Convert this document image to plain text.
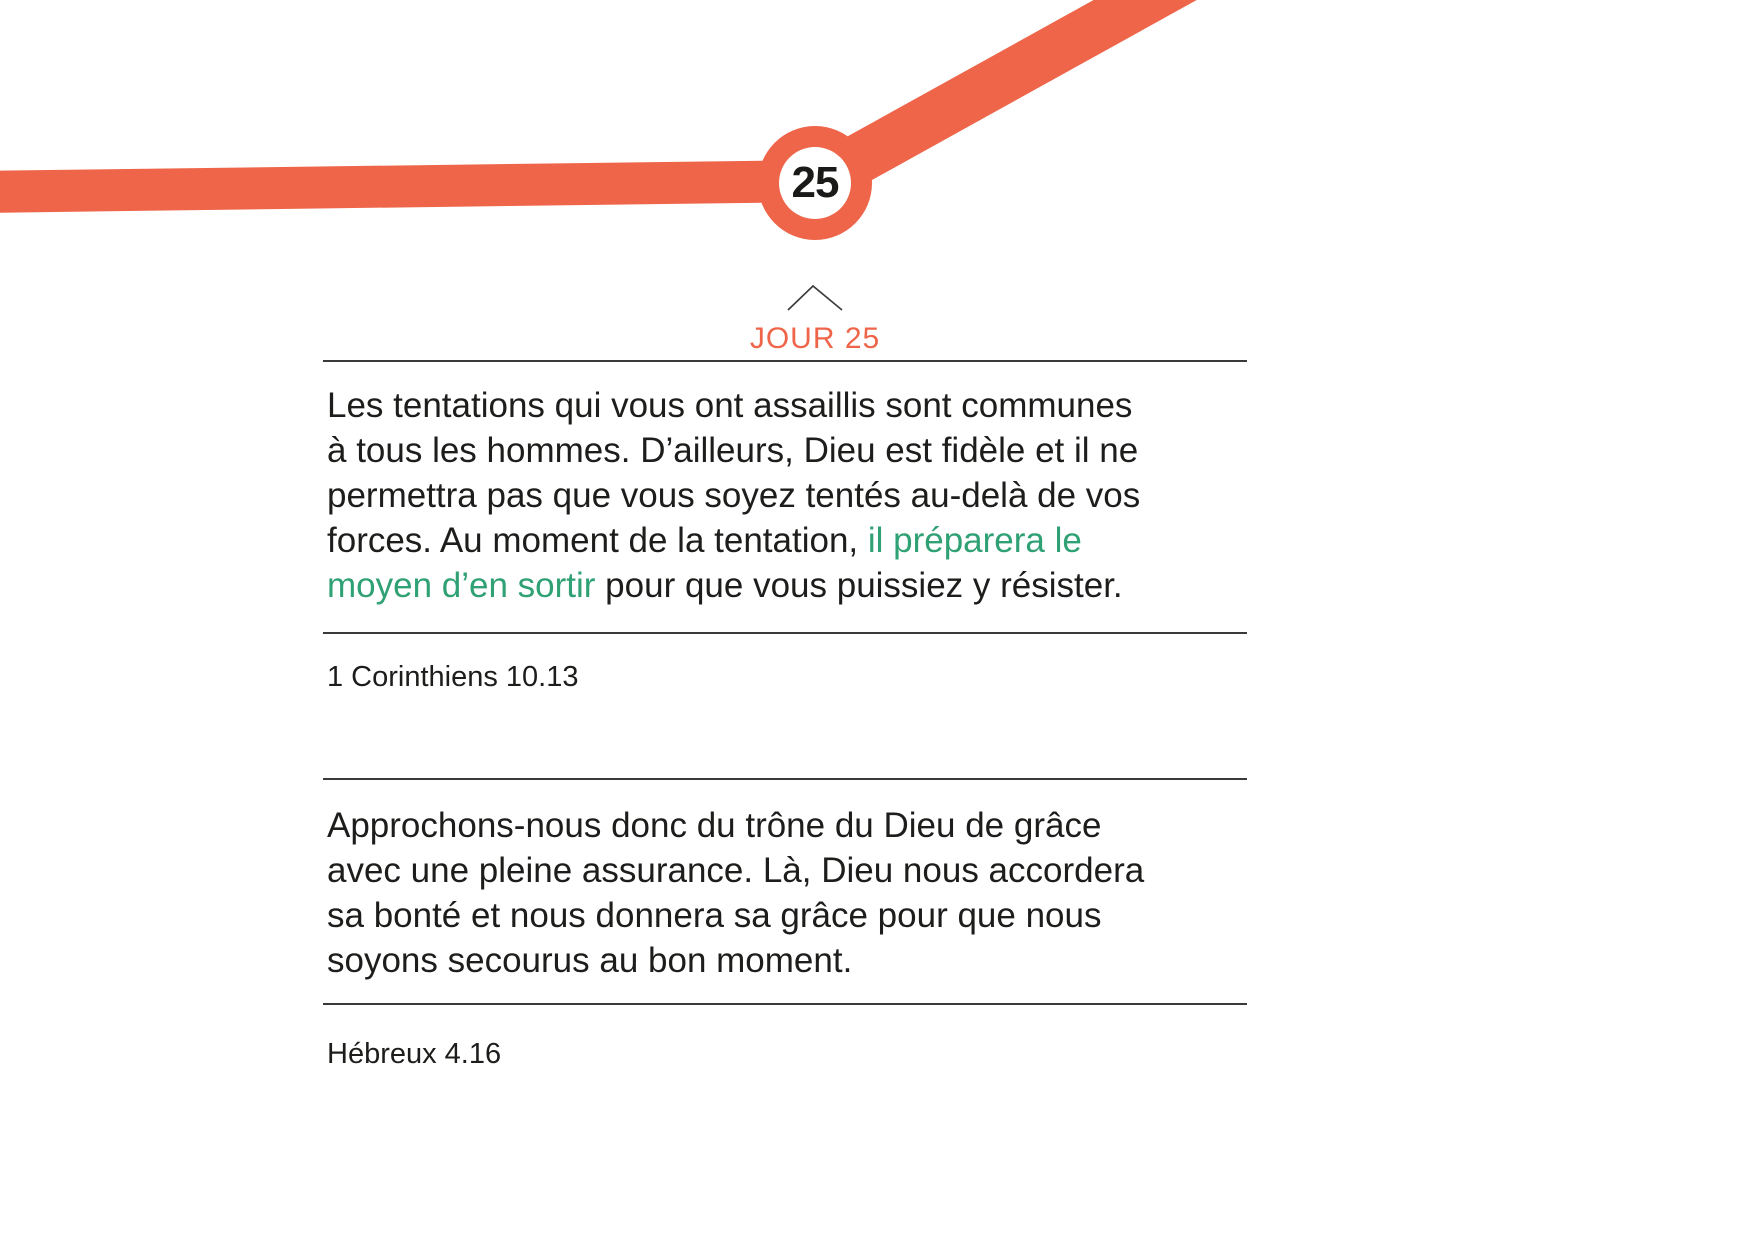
25
JOUR 25
Les tentations qui vous ont assaillis sont communes
à tous les hommes. D’ailleurs, Dieu est fidèle et il ne
permettra pas que vous soyez tentés au-delà de vos
forces. Au moment de la tentation, il préparera le
moyen d’en sortir pour que vous puissiez y résister.
1 Corinthiens 10.13
Approchons-nous donc du trône du Dieu de grâce
avec une pleine assurance. Là, Dieu nous accordera
sa bonté et nous donnera sa grâce pour que nous
soyons secourus au bon moment.
Hébreux 4.16
